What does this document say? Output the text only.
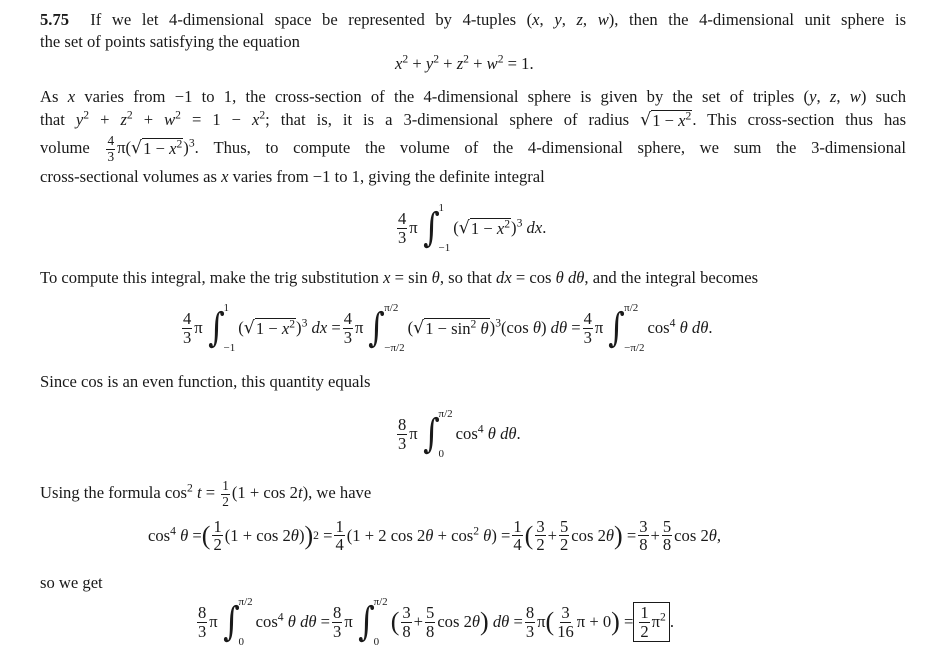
5.75  If we let 4-dimensional space be represented by 4-tuples (x, y, z, w), then the 4-dimensional unit sphere is
the set of points satisfying the equation
$x^2 + y^2 + z^2 + w^2 = 1$.
As x varies from −1 to 1, the cross-section of the 4-dimensional sphere is given by the set of triples (y, z, w) such
that $y^2 + z^2 + w^2 = 1 - x^2$; that is, it is a 3-dimensional sphere of radius √ $1 - x^2$ . This cross-section thus has
volume $\frac{4}{3} \pi$( √ $1 - x^2$ )$^3$. Thus, to compute the volume of the 4-dimensional sphere, we sum the 3-dimensional
cross-sectional volumes as x varies from −1 to 1, giving the definite integral
$\frac{4}{3}$ π ∫ 1
−1
( √ $1 - x^2$ )$^3$ dx.
To compute this integral, make the trig substitution x = sin θ, so that dx = cos θ dθ, and the integral becomes
$\frac{4}{3}$ π ∫ 1
−1
( √ $1 - x^2$ )$^3$ dx = $\frac{4}{3}$ π ∫ π/2
−π/2
( √ $1 - \sin^2 \theta$ )$^3$(cos θ) $d\theta = \frac{4}{3}$ π ∫ π/2
−π/2
$\cos^4 \theta$ dθ.
Since cos is an even function, this quantity equals
$\frac{8}{3}$ π ∫ π/2
0
$\cos^4 \theta$ dθ.
Using the formula $\cos^2 t = \frac{1}{2} (1 + \cos 2t)$, we have
$\cos^4 \theta$ = ( $\frac{1}{2} (1 + \cos 2\theta)$ ) $2 = \frac{1}{4} (1 + 2$ $\cos 2\theta + \cos^2 \theta) = \frac{1}{4}$ ( $\frac{3}{2} + \frac{5}{2}$ cos 2θ ) = $\frac{3}{8} + \frac{5}{8}$ cos 2θ,
so we get
$\frac{8}{3}$ π ∫ π/2
0
$\cos^4 \theta$ $d\theta = \frac{8}{3}$ π ∫ π/2
0
( $\frac{3}{8} + \frac{5}{8}$ cos 2θ ) $d\theta = \frac{8}{3}$ π ( $\frac{3}{16}$ π + 0 ) = $\frac{1}{2} \pi^2$ .
